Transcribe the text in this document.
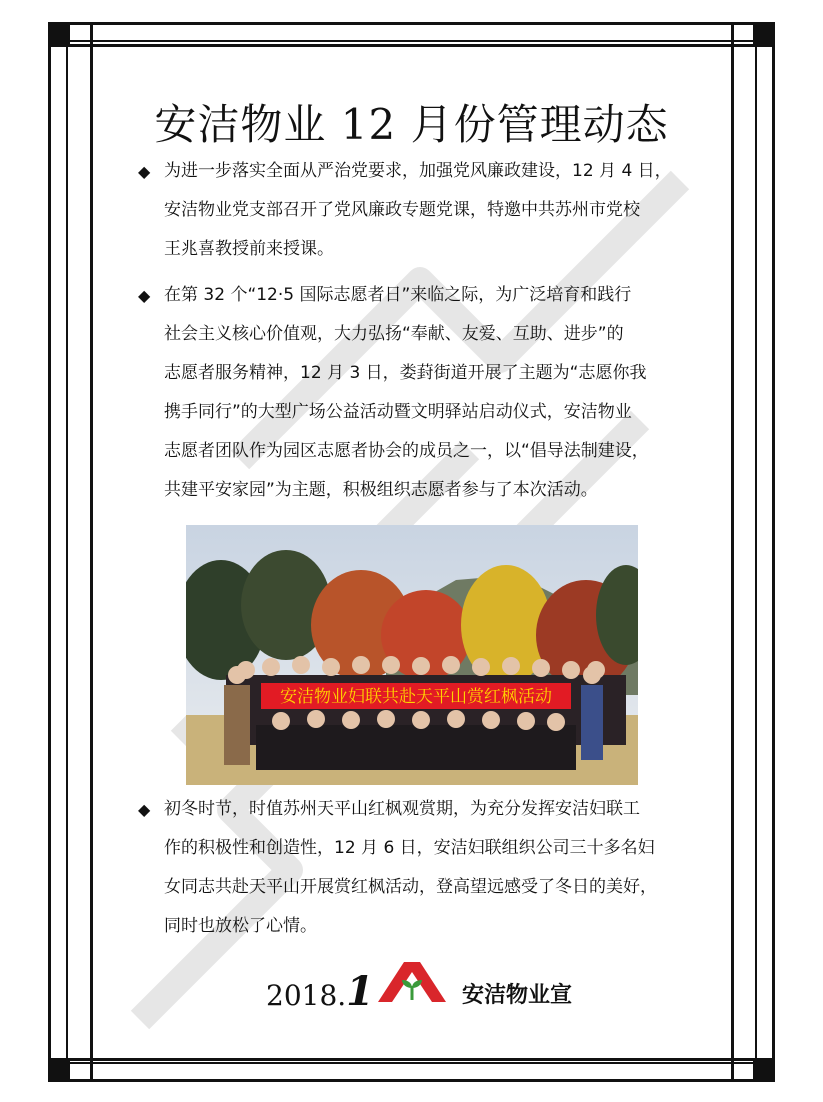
安洁物业 12 月份管理动态
◆ 为进一步落实全面从严治党要求，加强党风廉政建设，12 月 4 日，
安洁物业党支部召开了党风廉政专题党课，特邀中共苏州市党校
王兆喜教授前来授课。
◆ 在第 32 个“12·5 国际志愿者日”来临之际，为广泛培育和践行
社会主义核心价值观，大力弘扬“奉献、友爱、互助、进步”的
志愿者服务精神，12 月 3 日，娄葑街道开展了主题为“志愿你我
携手同行”的大型广场公益活动暨文明驿站启动仪式，安洁物业
志愿者团队作为园区志愿者协会的成员之一，以“倡导法制建设，
共建平安家园”为主题，积极组织志愿者参与了本次活动。
安洁物业妇联共赴天平山赏红枫活动
◆ 初冬时节，时值苏州天平山红枫观赏期，为充分发挥安洁妇联工
作的积极性和创造性，12 月 6 日，安洁妇联组织公司三十多名妇
女同志共赴天平山开展赏红枫活动，登高望远感受了冬日的美好，
同时也放松了心情。
2018.1	安洁物业宣
